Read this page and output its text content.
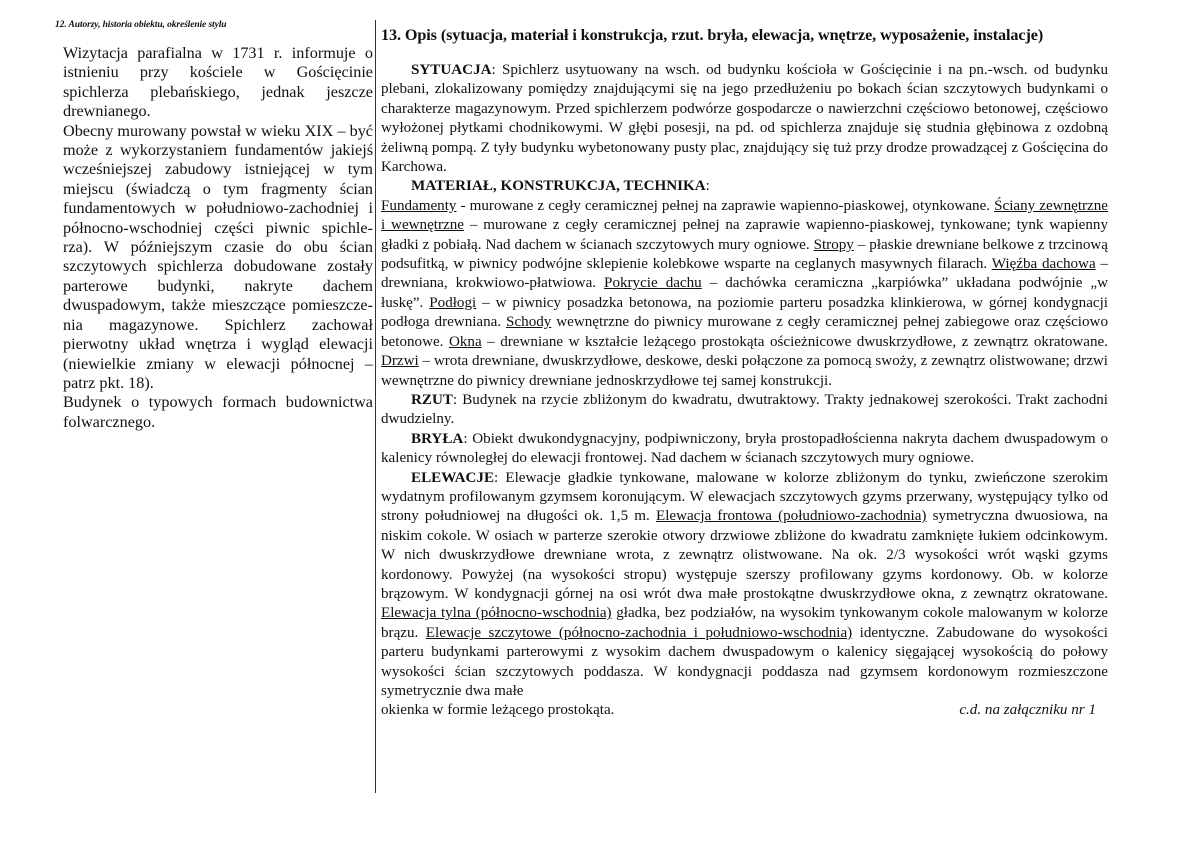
12. Autorzy, historia obiektu, określenie stylu

Wizytacja parafialna w 1731 r. informuje o istnieniu przy kościele w Gościęcinie spichlerza plebańskiego, jednak jeszcze drewnianego.

Obecny murowany powstał w wieku XIX – być może z wykorzystaniem fundamentów jakiejś wcześniejszej zabudowy istniejącej w tym miejscu (świadczą o tym fragmenty ścian fundamentowych w południowo-zachodniej i północno-wschodniej części piwnic spichle-rza). W późniejszym czasie do obu ścian szczytowych spichlerza dobudowane zostały parterowe budynki, nakryte dachem dwuspadowym, także mieszczące pomieszcze-nia magazynowe. Spichlerz zachował pierwotny układ wnętrza i wygląd elewacji (niewielkie zmiany w elewacji północnej – patrz pkt. 18).

Budynek o typowych formach budownictwa folwarcznego.

13. Opis (sytuacja, materiał i konstrukcja, rzut. bryła, elewacja, wnętrze, wyposażenie, instalacje)

SYTUACJA: Spichlerz usytuowany na wsch. od budynku kościoła w Gościęcinie i na pn.-wsch. od budynku plebani, zlokalizowany pomiędzy znajdującymi się na jego przedłużeniu po bokach ścian szczytowych budynkami o charakterze magazynowym. Przed spichlerzem podwórze gospodarcze o nawierzchni częściowo betonowej, częściowo wyłożonej płytkami chodnikowymi. W głębi posesji, na pd. od spichlerza znajduje się studnia głębinowa z ozdobną żeliwną pompą. Z tyły budynku wybetonowany pusty plac, znajdujący się tuż przy drodze prowadzącej z Gościęcina do Karchowa.

MATERIAŁ, KONSTRUKCJA, TECHNIKA:

Fundamenty - murowane z cegły ceramicznej pełnej na zaprawie wapienno-piaskowej, otynkowane. Ściany zewnętrzne i wewnętrzne – murowane z cegły ceramicznej pełnej na zaprawie wapienno-piaskowej, tynkowane; tynk wapienny gładki z pobiałą. Nad dachem w ścianach szczytowych mury ogniowe. Stropy – płaskie drewniane belkowe z trzcinową podsufitką, w piwnicy podwójne sklepienie kolebkowe wsparte na ceglanych masywnych filarach. Więźba dachowa – drewniana, krokwiowo-płatwiowa. Pokrycie dachu – dachówka ceramiczna „karpiówka” układana podwójnie „w łuskę”. Podłogi – w piwnicy posadzka betonowa, na poziomie parteru posadzka klinkierowa, w górnej kondygnacji podłoga drewniana. Schody wewnętrzne do piwnicy murowane z cegły ceramicznej pełnej zabiegowe oraz częściowo betonowe. Okna – drewniane w kształcie leżącego prostokąta ościeżnicowe dwuskrzydłowe, z zewnątrz okratowane. Drzwi – wrota drewniane, dwuskrzydłowe, deskowe, deski połączone za pomocą swoży, z zewnątrz olistwowane; drzwi wewnętrzne do piwnicy drewniane jednoskrzydłowe tej samej konstrukcji.

RZUT: Budynek na rzycie zbliżonym do kwadratu, dwutraktowy. Trakty jednakowej szerokości. Trakt zachodni dwudzielny.

BRYŁA: Obiekt dwukondygnacyjny, podpiwniczony, bryła prostopadłościenna nakryta dachem dwuspadowym o kalenicy równoległej do elewacji frontowej. Nad dachem w ścianach szczytowych mury ogniowe.

ELEWACJE: Elewacje gładkie tynkowane, malowane w kolorze zbliżonym do tynku, zwieńczone szerokim wydatnym profilowanym gzymsem koronującym. W elewacjach szczytowych gzyms przerwany, występujący tylko od strony południowej na długości ok. 1,5 m. Elewacja frontowa (południowo-zachodnia) symetryczna dwuosiowa, na niskim cokole. W osiach w parterze szerokie otwory drzwiowe zbliżone do kwadratu zamknięte łukiem odcinkowym. W nich dwuskrzydłowe drewniane wrota, z zewnątrz olistwowane. Na ok. 2/3 wysokości wrót wąski gzyms kordonowy. Powyżej (na wysokości stropu) występuje szerszy profilowany gzyms kordonowy. Ob. w kolorze brązowym. W kondygnacji górnej na osi wrót dwa małe prostokątne dwuskrzydłowe okna, z zewnątrz okratowane. Elewacja tylna (północno-wschodnia) gładka, bez podziałów, na wysokim tynkowanym cokole malowanym w kolorze brązu. Elewacje szczytowe (północno-zachodnia i południowo-wschodnia) identyczne. Zabudowane do wysokości parteru budynkami parterowymi z wysokim dachem dwuspadowym o kalenicy sięgającej wysokością do połowy wysokości ścian szczytowych poddasza. W kondygnacji poddasza nad gzymsem kordonowym rozmieszczone symetrycznie dwa małe

okienka w formie leżącego prostokąta.	c.d. na załączniku nr 1
